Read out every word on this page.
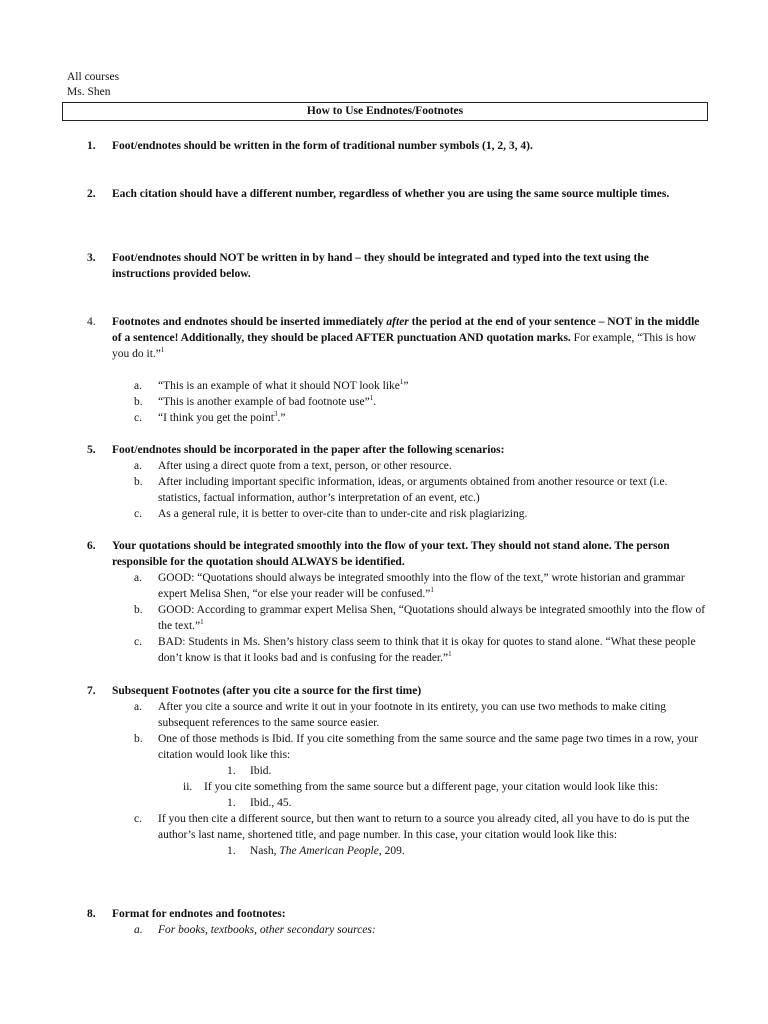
All courses
Ms. Shen
How to Use Endnotes/Footnotes
1.	Foot/endnotes should be written in the form of traditional number symbols (1, 2, 3, 4).
2.	Each citation should have a different number, regardless of whether you are using the same source multiple times.
3.	Foot/endnotes should NOT be written in by hand – they should be integrated and typed into the text using the instructions provided below.
4.	Footnotes and endnotes should be inserted immediately after the period at the end of your sentence – NOT in the middle of a sentence! Additionally, they should be placed AFTER punctuation AND quotation marks. For example, “This is how you do it.”$^1$
a. “This is an example of what it should NOT look like$^1$”
b. “This is another example of bad footnote use”$^1$.
c. “I think you get the point$^3$.”
5.	Foot/endnotes should be incorporated in the paper after the following scenarios:
a. After using a direct quote from a text, person, or other resource.
b. After including important specific information, ideas, or arguments obtained from another resource or text (i.e. statistics, factual information, author’s interpretation of an event, etc.)
c. As a general rule, it is better to over-cite than to under-cite and risk plagiarizing.
6.	Your quotations should be integrated smoothly into the flow of your text. They should not stand alone. The person responsible for the quotation should ALWAYS be identified.
a. GOOD: “Quotations should always be integrated smoothly into the flow of the text,” wrote historian and grammar expert Melisa Shen, “or else your reader will be confused.”$^1$
b. GOOD: According to grammar expert Melisa Shen, “Quotations should always be integrated smoothly into the flow of the text.”$^1$
c. BAD: Students in Ms. Shen’s history class seem to think that it is okay for quotes to stand alone. “What these people don’t know is that it looks bad and is confusing for the reader.”$^1$
7.	Subsequent Footnotes (after you cite a source for the first time)
a. After you cite a source and write it out in your footnote in its entirety, you can use two methods to make citing subsequent references to the same source easier.
b. One of those methods is Ibid. If you cite something from the same source and the same page two times in a row, your citation would look like this:
1. Ibid.
ii. If you cite something from the same source but a different page, your citation would look like this:
1. Ibid., 45.
c. If you then cite a different source, but then want to return to a source you already cited, all you have to do is put the author’s last name, shortened title, and page number. In this case, your citation would look like this:
1. Nash, The American People, 209.
8.	Format for endnotes and footnotes:
a. For books, textbooks, other secondary sources:
